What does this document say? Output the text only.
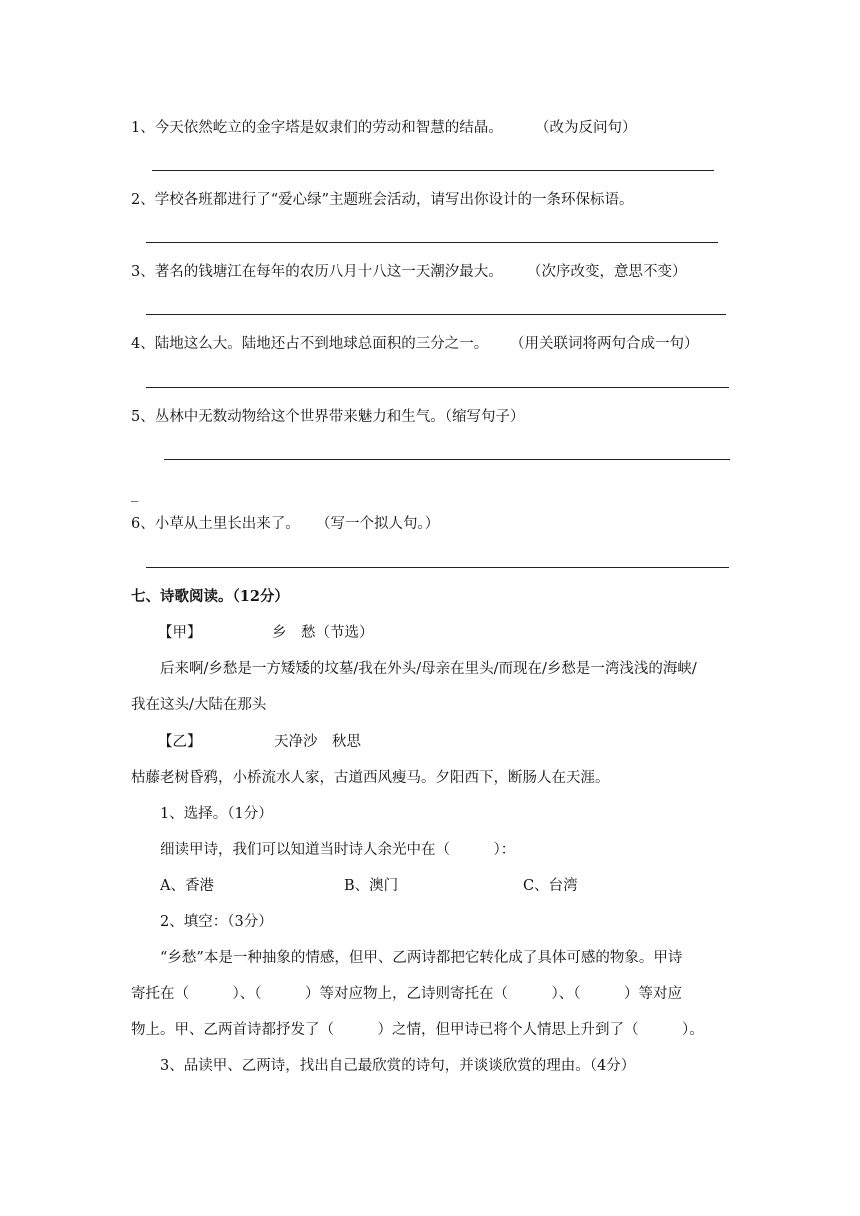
1、今天依然屹立的金字塔是奴隶们的劳动和智慧的结晶。 （改为反问句）
2、学校各班都进行了“爱心绿”主题班会活动，请写出你设计的一条环保标语。
3、著名的钱塘江在每年的农历八月十八这一天潮汐最大。 （次序改变，意思不变）
4、陆地这么大。陆地还占不到地球总面积的三分之一。 （用关联词将两句合成一句）
5、丛林中无数动物给这个世界带来魅力和生气。（缩写句子）
_
6、小草从土里长出来了。 （写一个拟人句。）
七、诗歌阅读。（12分）
【甲】	乡　愁（节选）
后来啊/乡愁是一方矮矮的坟墓/我在外头/母亲在里头/而现在/乡愁是一湾浅浅的海峡/
我在这头/大陆在那头
【乙】	天净沙　秋思
枯藤老树昏鸦，小桥流水人家，古道西风瘦马。夕阳西下，断肠人在天涯。
1、选择。（1分）
细读甲诗，我们可以知道当时诗人余光中在（　　　）：
A、香港	B、澳门	C、台湾
2、填空：（3分）
“乡愁”本是一种抽象的情感，但甲、乙两诗都把它转化成了具体可感的物象。甲诗
寄托在（　　　）、（　　　）等对应物上，乙诗则寄托在（　　　）、（　　　）等对应
物上。甲、乙两首诗都抒发了（　　　）之情，但甲诗已将个人情思上升到了（　　　）。
3、品读甲、乙两诗，找出自己最欣赏的诗句，并谈谈欣赏的理由。（4分）
